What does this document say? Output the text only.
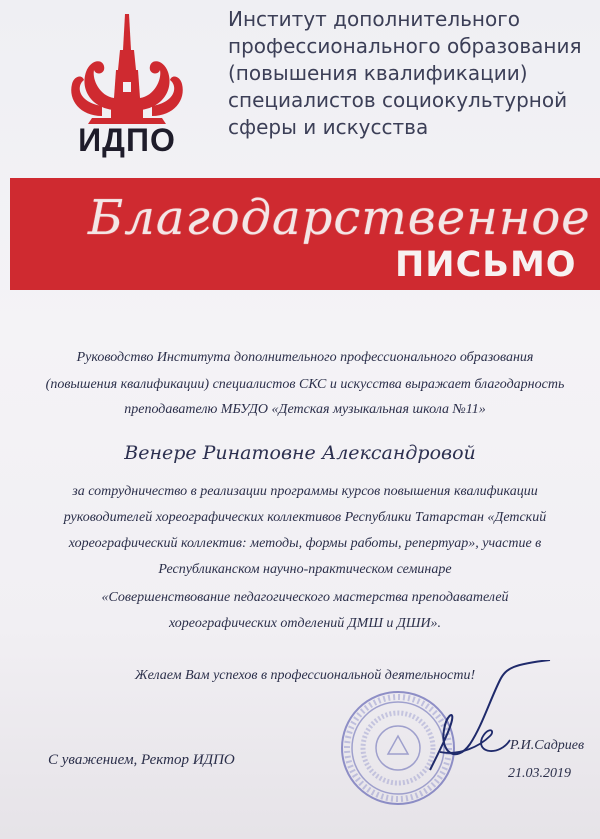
ИДПО
Институт дополнительного
профессионального образования
(повышения квалификации)
специалистов социокультурной
сферы и искусства
Благодарственное
ПИСЬМО
Руководство Института дополнительного профессионального образования
(повышения квалификации) специалистов СКС и искусства выражает благодарность
преподавателю МБУДО «Детская музыкальная школа №11»
Венере Ринатовне Александровой
за сотрудничество в реализации программы курсов повышения квалификации
руководителей хореографических коллективов Республики Татарстан «Детский
хореографический коллектив: методы, формы работы, репертуар», участие в
Республиканском научно-практическом семинаре
«Совершенствование педагогического мастерства преподавателей
хореографических отделений ДМШ и ДШИ».
Желаем Вам успехов в профессиональной деятельности!
С уважением, Ректор ИДПО
Р.И.Садриев
21.03.2019
